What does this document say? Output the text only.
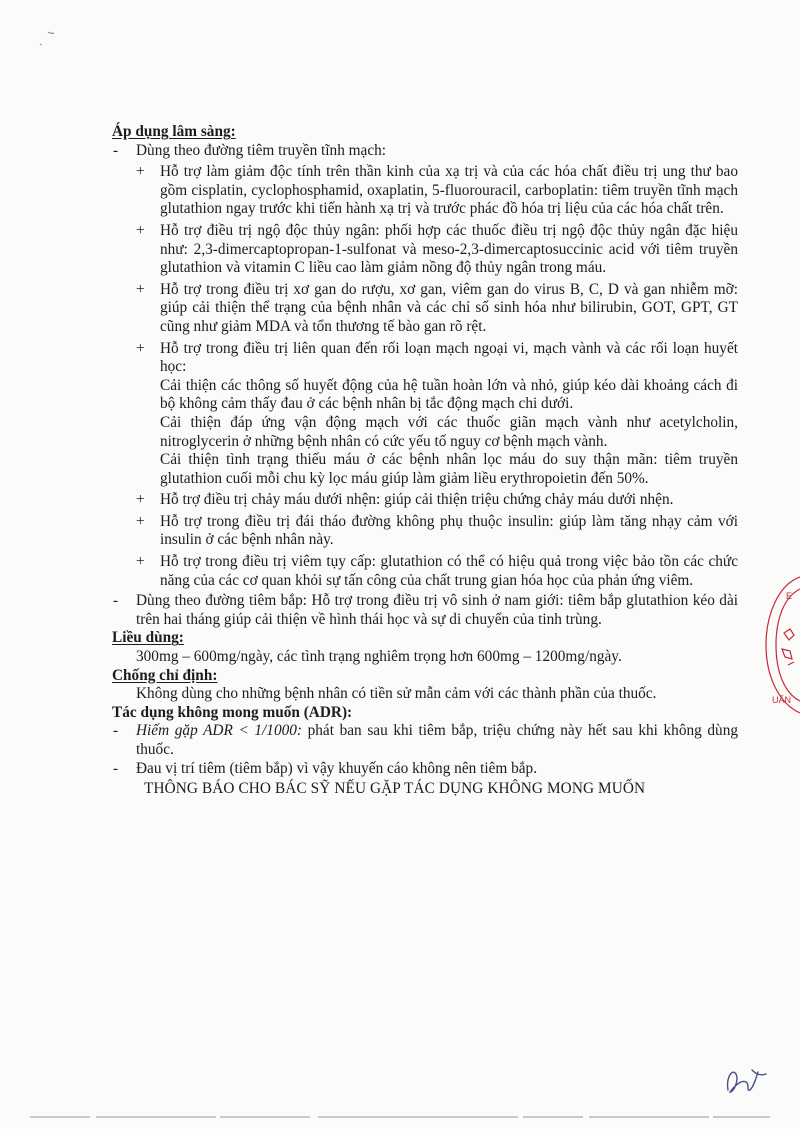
Áp dụng lâm sàng:
- Dùng theo đường tiêm truyền tĩnh mạch:
+ Hỗ trợ làm giảm độc tính trên thần kinh của xạ trị và của các hóa chất điều trị ung thư bao gồm cisplatin, cyclophosphamid, oxaplatin, 5-fluorouracil, carboplatin: tiêm truyền tĩnh mạch glutathion ngay trước khi tiến hành xạ trị và trước phác đồ hóa trị liệu của các hóa chất trên.
+ Hỗ trợ điều trị ngộ độc thủy ngân: phối hợp các thuốc điều trị ngộ độc thủy ngân đặc hiệu như: 2,3-dimercaptopropan-1-sulfonat và meso-2,3-dimercaptosuccinic acid với tiêm truyền glutathion và vitamin C liều cao làm giảm nồng độ thủy ngân trong máu.
+ Hỗ trợ trong điều trị xơ gan do rượu, xơ gan, viêm gan do virus B, C, D và gan nhiễm mỡ: giúp cải thiện thể trạng của bệnh nhân và các chỉ số sinh hóa như bilirubin, GOT, GPT, GT cũng như giảm MDA và tổn thương tế bào gan rõ rệt.
+ Hỗ trợ trong điều trị liên quan đến rối loạn mạch ngoại vi, mạch vành và các rối loạn huyết học:
Cải thiện các thông số huyết động của hệ tuần hoàn lớn và nhỏ, giúp kéo dài khoảng cách đi bộ không cảm thấy đau ở các bệnh nhân bị tắc động mạch chi dưới.
Cải thiện đáp ứng vận động mạch với các thuốc giãn mạch vành như acetylcholin, nitroglycerin ở những bệnh nhân có cức yếu tố nguy cơ bệnh mạch vành.
Cải thiện tình trạng thiếu máu ở các bệnh nhân lọc máu do suy thận mãn: tiêm truyền glutathion cuối mỗi chu kỳ lọc máu giúp làm giảm liều erythropoietin đến 50%.
+ Hỗ trợ điều trị chảy máu dưới nhện: giúp cải thiện triệu chứng chảy máu dưới nhện.
+ Hỗ trợ trong điều trị đái tháo đường không phụ thuộc insulin: giúp làm tăng nhạy cảm với insulin ở các bệnh nhân này.
+ Hỗ trợ trong điều trị viêm tụy cấp: glutathion có thể có hiệu quả trong việc bảo tồn các chức năng của các cơ quan khỏi sự tấn công của chất trung gian hóa học của phản ứng viêm.
- Dùng theo đường tiêm bắp: Hỗ trợ trong điều trị vô sinh ở nam giới: tiêm bắp glutathion kéo dài trên hai tháng giúp cải thiện về hình thái học và sự di chuyển của tinh trùng.
Liều dùng:
300mg – 600mg/ngày, các tình trạng nghiêm trọng hơn 600mg – 1200mg/ngày.
Chống chỉ định:
Không dùng cho những bệnh nhân có tiền sử mẫn cảm với các thành phần của thuốc.
Tác dụng không mong muốn (ADR):
- Hiếm gặp ADR < 1/1000: phát ban sau khi tiêm bắp, triệu chứng này hết sau khi không dùng thuốc.
- Đau vị trí tiêm (tiêm bắp) vì vậy khuyến cáo không nên tiêm bắp.
THÔNG BÁO CHO BÁC SỸ NẾU GẶP TÁC DỤNG KHÔNG MONG MUỐN
E
UẤN
